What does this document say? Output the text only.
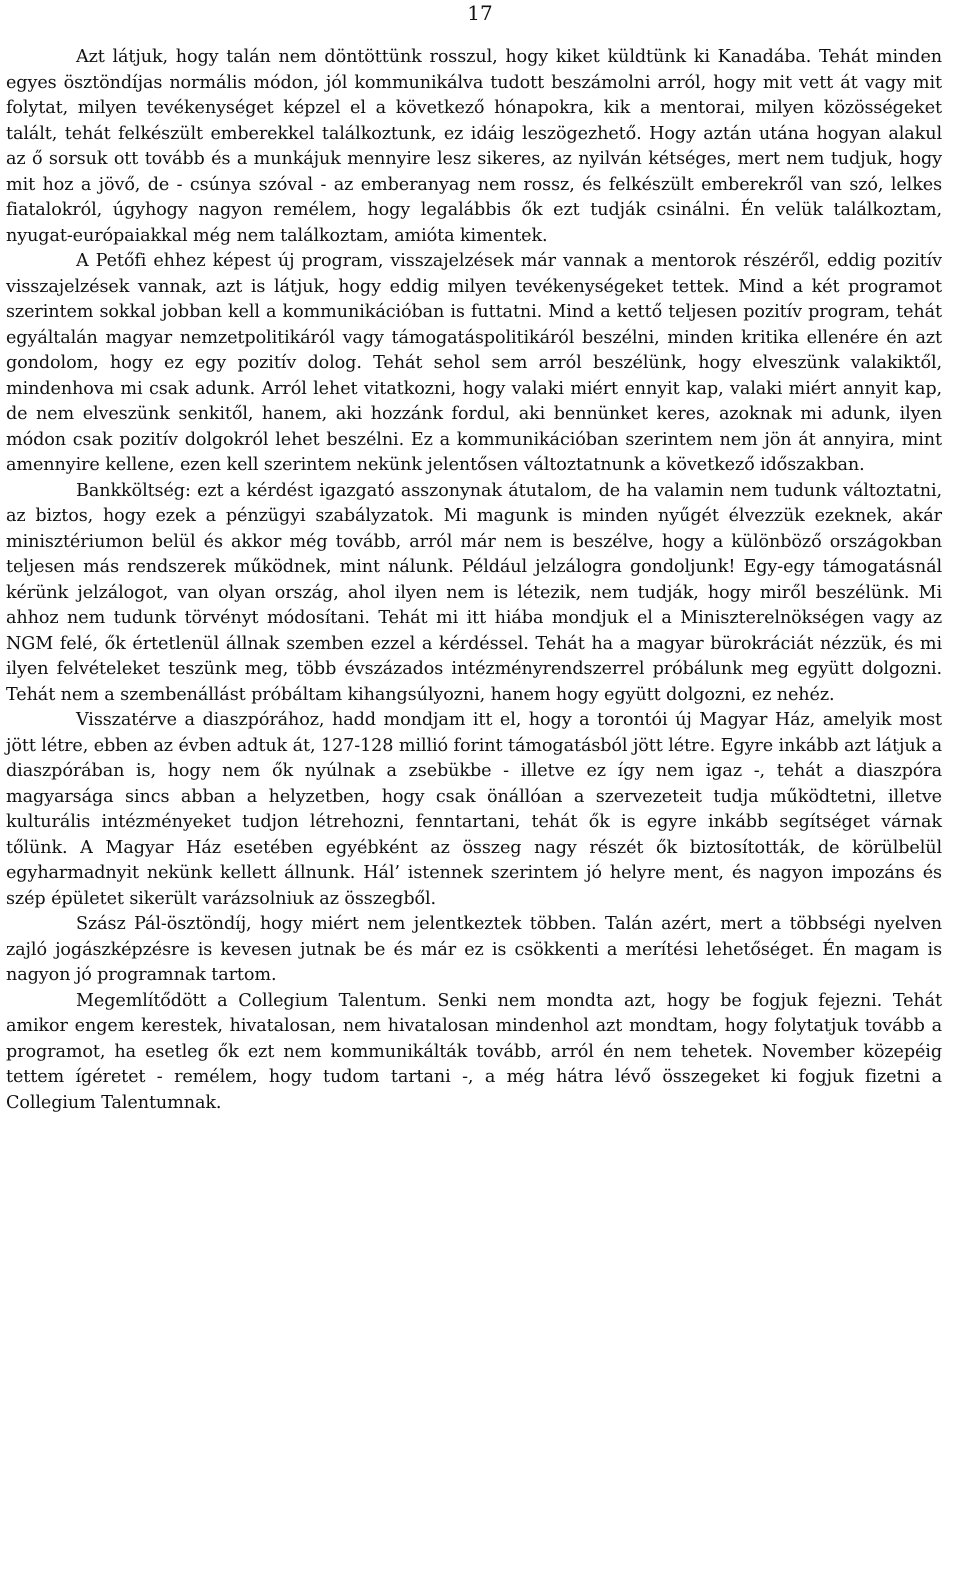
17

Azt látjuk, hogy talán nem döntöttünk rosszul, hogy kiket küldtünk ki Kanadába. Tehát minden egyes ösztöndíjas normális módon, jól kommunikálva tudott beszámolni arról, hogy mit vett át vagy mit folytat, milyen tevékenységet képzel el a következő hónapokra, kik a mentorai, milyen közösségeket talált, tehát felkészült emberekkel találkoztunk, ez idáig leszögezhető. Hogy aztán utána hogyan alakul az ő sorsuk ott tovább és a munkájuk mennyire lesz sikeres, az nyilván kétséges, mert nem tudjuk, hogy mit hoz a jövő, de - csúnya szóval - az emberanyag nem rossz, és felkészült emberekről van szó, lelkes fiatalokról, úgyhogy nagyon remélem, hogy legalábbis ők ezt tudják csinálni. Én velük találkoztam, nyugat-európaiakkal még nem találkoztam, amióta kimentek.

A Petőfi ehhez képest új program, visszajelzések már vannak a mentorok részéről, eddig pozitív visszajelzések vannak, azt is látjuk, hogy eddig milyen tevékenységeket tettek. Mind a két programot szerintem sokkal jobban kell a kommunikációban is futtatni. Mind a kettő teljesen pozitív program, tehát egyáltalán magyar nemzetpolitikáról vagy támogatáspolitikáról beszélni, minden kritika ellenére én azt gondolom, hogy ez egy pozitív dolog. Tehát sehol sem arról beszélünk, hogy elveszünk valakiktől, mindenhova mi csak adunk. Arról lehet vitatkozni, hogy valaki miért ennyit kap, valaki miért annyit kap, de nem elveszünk senkitől, hanem, aki hozzánk fordul, aki bennünket keres, azoknak mi adunk, ilyen módon csak pozitív dolgokról lehet beszélni. Ez a kommunikációban szerintem nem jön át annyira, mint amennyire kellene, ezen kell szerintem nekünk jelentősen változtatnunk a következő időszakban.

Bankköltség: ezt a kérdést igazgató asszonynak átutalom, de ha valamin nem tudunk változtatni, az biztos, hogy ezek a pénzügyi szabályzatok. Mi magunk is minden nyűgét élvezzük ezeknek, akár minisztériumon belül és akkor még tovább, arról már nem is beszélve, hogy a különböző országokban teljesen más rendszerek működnek, mint nálunk. Például jelzálogra gondoljunk! Egy-egy támogatásnál kérünk jelzálogot, van olyan ország, ahol ilyen nem is létezik, nem tudják, hogy miről beszélünk. Mi ahhoz nem tudunk törvényt módosítani. Tehát mi itt hiába mondjuk el a Miniszterelnökségen vagy az NGM felé, ők értetlenül állnak szemben ezzel a kérdéssel. Tehát ha a magyar bürokráciát nézzük, és mi ilyen felvételeket teszünk meg, több évszázados intézményrendszerrel próbálunk meg együtt dolgozni. Tehát nem a szembenállást próbáltam kihangsúlyozni, hanem hogy együtt dolgozni, ez nehéz.

Visszatérve a diaszpórához, hadd mondjam itt el, hogy a torontói új Magyar Ház, amelyik most jött létre, ebben az évben adtuk át, 127-128 millió forint támogatásból jött létre. Egyre inkább azt látjuk a diaszpórában is, hogy nem ők nyúlnak a zsebükbe - illetve ez így nem igaz -, tehát a diaszpóra magyarsága sincs abban a helyzetben, hogy csak önállóan a szervezeteit tudja működtetni, illetve kulturális intézményeket tudjon létrehozni, fenntartani, tehát ők is egyre inkább segítséget várnak tőlünk. A Magyar Ház esetében egyébként az összeg nagy részét ők biztosították, de körülbelül egyharmadnyit nekünk kellett állnunk. Hál’ istennek szerintem jó helyre ment, és nagyon impozáns és szép épületet sikerült varázsolniuk az összegből.

Szász Pál-ösztöndíj, hogy miért nem jelentkeztek többen. Talán azért, mert a többségi nyelven zajló jogászképzésre is kevesen jutnak be és már ez is csökkenti a merítési lehetőséget. Én magam is nagyon jó programnak tartom.

Megemlítődött a Collegium Talentum. Senki nem mondta azt, hogy be fogjuk fejezni. Tehát amikor engem kerestek, hivatalosan, nem hivatalosan mindenhol azt mondtam, hogy folytatjuk tovább a programot, ha esetleg ők ezt nem kommunikálták tovább, arról én nem tehetek. November közepéig tettem ígéretet - remélem, hogy tudom tartani -, a még hátra lévő összegeket ki fogjuk fizetni a Collegium Talentumnak.
